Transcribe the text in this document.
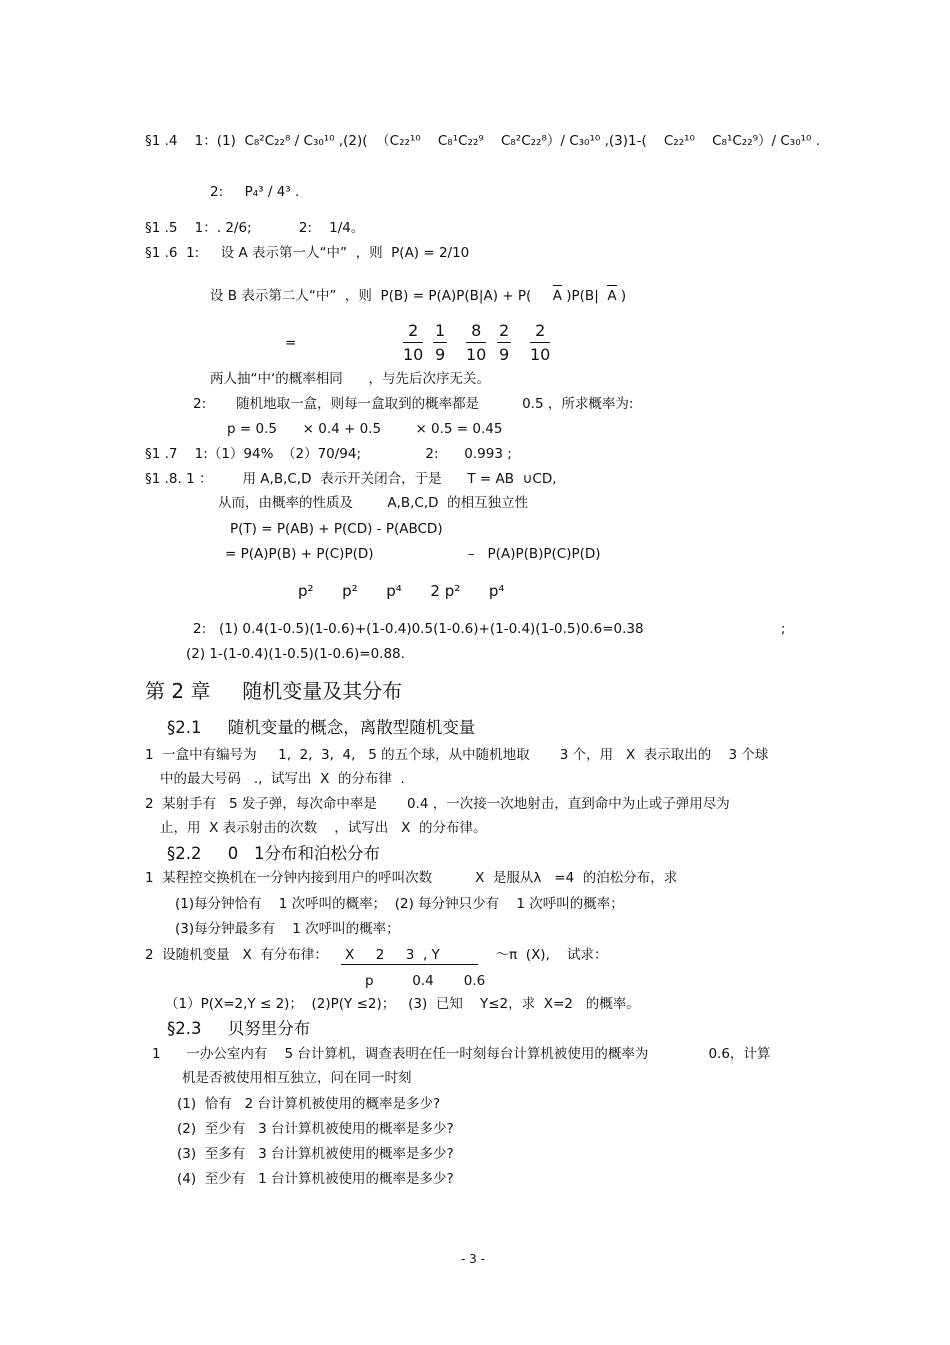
§1 .4    1：(1)  C₈²C₂₂⁸ / C₃₀¹⁰ ,(2)(  （C₂₂¹⁰    C₈¹C₂₂⁹    C₈²C₂₂⁸）/ C₃₀¹⁰ ,(3)1-(    C₂₂¹⁰    C₈¹C₂₂⁹）/ C₃₀¹⁰ .
2:     P₄³ / 4³ .
§1 .5    1：. 2/6;           2:    1/4。
§1 .6  1:     设 A 表示第一人“中”  ，则  P(A) = 2/10
设 B 表示第二人“中”  ，则  P(B) = P(A)P(B|A) + P(     A )P(B|  A )
=	$\frac{2}{10} \frac{1}{9} \frac{8}{10} \frac{2}{9} \frac{2}{10}$
两人抽“中‘的概率相同      ，与先后次序无关。
2:       随机地取一盒，则每一盒取到的概率都是          0.5 ，所求概率为:
p = 0.5      × 0.4 + 0.5        × 0.5 = 0.45
§1 .7    1:（1）94%  （2）70/94;               2:      0.993 ;
§1 .8. 1 ：       用 A,B,C,D  表示开关闭合，于是      T = AB  ∪CD,
从而，由概率的性质及        A,B,C,D  的相互独立性
P(T) = P(AB) + P(CD) - P(ABCD)
= P(A)P(B) + P(C)P(D)                      –   P(A)P(B)P(C)P(D)
p²      p²      p⁴      2 p²      p⁴
2:   (1) 0.4(1-0.5)(1-0.6)+(1-0.4)0.5(1-0.6)+(1-0.4)(1-0.5)0.6=0.38                                ;
(2) 1-(1-0.4)(1-0.5)(1-0.6)=0.88.
第 2 章     随机变量及其分布
§2.1     随机变量的概念，离散型随机变量
1  一盒中有编号为     1,  2,  3,  4,   5 的五个球，从中随机地取       3 个，用   X  表示取出的    3 个球
中的最大号码   .,  试写出  X  的分布律  .
2  某射手有   5 发子弹，每次命中率是       0.4 ，一次接一次地射击，直到命中为止或子弹用尽为
止，用  X 表示射击的次数    ，试写出   X  的分布律。
§2.2     0   1分布和泊松分布
1  某程控交换机在一分钟内接到用户的呼叫次数          X  是服从λ   =4  的泊松分布，求
(1)每分钟恰有    1 次呼叫的概率；  (2) 每分钟只少有    1 次呼叫的概率；
(3)每分钟最多有    1 次呼叫的概率；
2  设随机变量   X  有分布律：    X     2     3  , Y             ～π  (X),    试求：
p         0.4       0.6
（1）P(X=2,Y ≤ 2)；  (2)P(Y ≤2)；   (3)  已知    Y≤2，求  X=2   的概率。
§2.3     贝努里分布
1      一办公室内有    5 台计算机，调查表明在任一时刻每台计算机被使用的概率为              0.6，计算
机是否被使用相互独立，问在同一时刻
(1)  恰有   2 台计算机被使用的概率是多少?
(2)  至少有   3 台计算机被使用的概率是多少?
(3)  至多有   3 台计算机被使用的概率是多少?
(4)  至少有   1 台计算机被使用的概率是多少?
- 3 -
